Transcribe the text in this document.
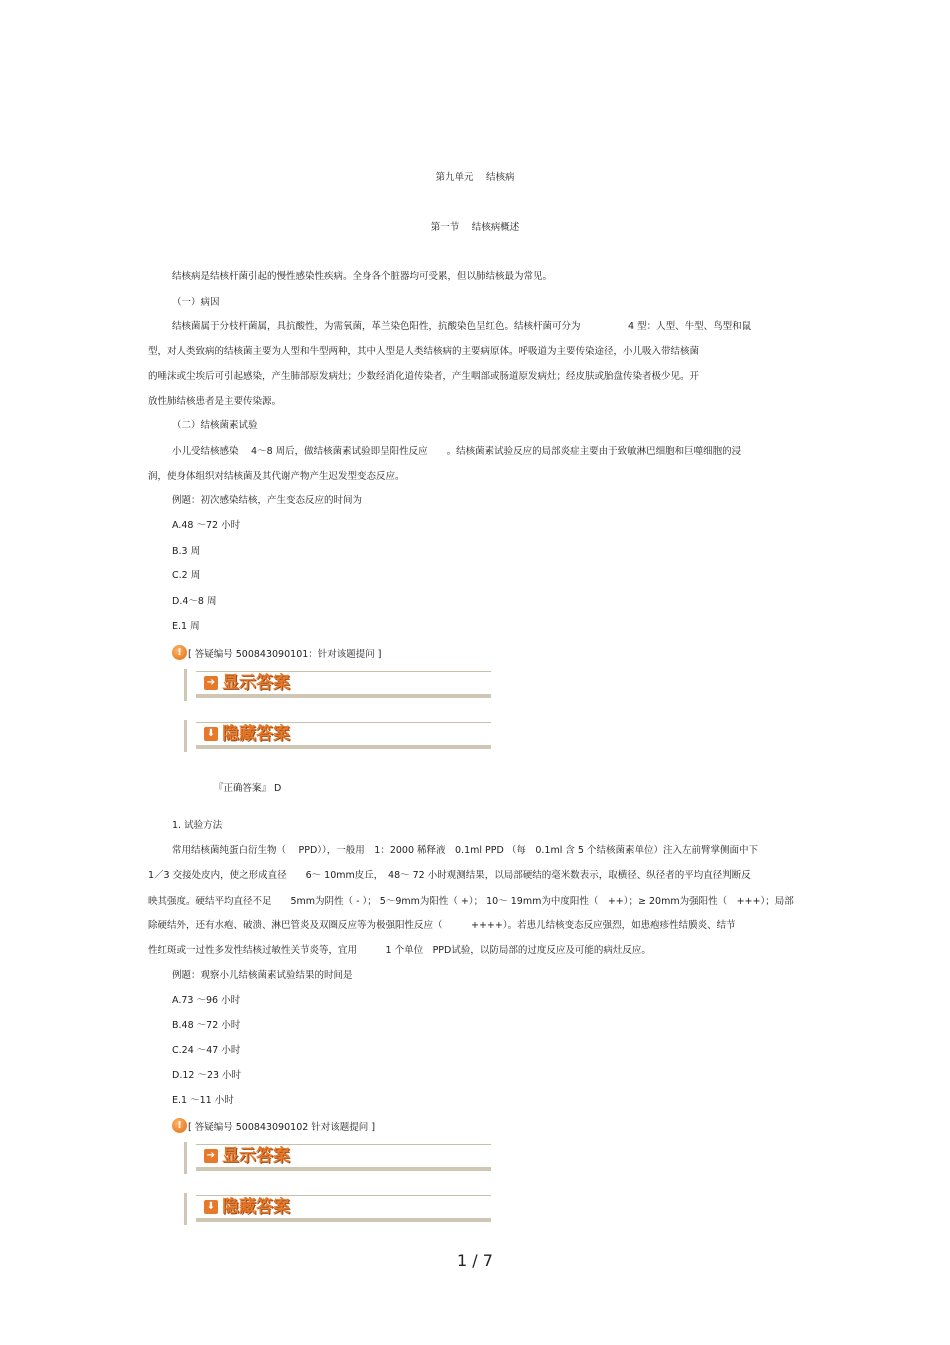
第九单元　 结核病
第一节　 结核病概述
结核病是结核杆菌引起的慢性感染性疾病。全身各个脏器均可受累，但以肺结核最为常见。
（一）病因
结核菌属于分枝杆菌属，具抗酸性，为需氧菌，革兰染色阳性，抗酸染色呈红色。结核杆菌可分为　　　　　4 型：人型、牛型、鸟型和鼠
型，对人类致病的结核菌主要为人型和牛型两种，其中人型是人类结核病的主要病原体。呼吸道为主要传染途径，小儿吸入带结核菌
的唾沫或尘埃后可引起感染，产生肺部原发病灶；少数经消化道传染者，产生咽部或肠道原发病灶；经皮肤或胎盘传染者极少见。开
放性肺结核患者是主要传染源。
（二）结核菌素试验
小儿受结核感染　 4～8 周后，做结核菌素试验即呈阳性反应　　。结核菌素试验反应的局部炎症主要由于致敏淋巴细胞和巨噬细胞的浸
润，使身体组织对结核菌及其代谢产物产生迟发型变态反应。
例题：初次感染结核，产生变态反应的时间为
A.48 ～72 小时
B.3 周
C.2 周
D.4～8 周
E.1 周
! [ 答疑编号 500843090101：针对该题提问 ]
➔ 显示答案
⬇ 隐藏答案
『正确答案』 D
1. 试验方法
常用结核菌纯蛋白衍生物（　 PPD）），一般用　1：2000 稀释液　0.1ml PPD （每　0.1ml 含 5 个结核菌素单位）注入左前臂掌侧面中下
1／3 交接处皮内，使之形成直径　　6～ 10mm皮丘，　48～ 72 小时观测结果，以局部硬结的毫米数表示，取横径、纵径者的平均直径判断反
映其强度。硬结平均直径不足　　5mm为阴性（ - ）； 5～9mm为阳性（ +）； 10～ 19mm为中度阳性（　++）；≥ 20mm为强阳性（　+++）；局部
除硬结外，还有水疱、破溃、淋巴管炎及双圈反应等为极强阳性反应（　　　++++）。若患儿结核变态反应强烈，如患疱疹性结膜炎、结节
性红斑或一过性多发性结核过敏性关节炎等，宜用　　　1 个单位　PPD试验，以防局部的过度反应及可能的病灶反应。
例题：观察小儿结核菌素试验结果的时间是
A.73 ～96 小时
B.48 ～72 小时
C.24 ～47 小时
D.12 ～23 小时
E.1 ～11 小时
! [ 答疑编号 500843090102 针对该题提问 ]
➔ 显示答案
⬇ 隐藏答案
1 / 7
